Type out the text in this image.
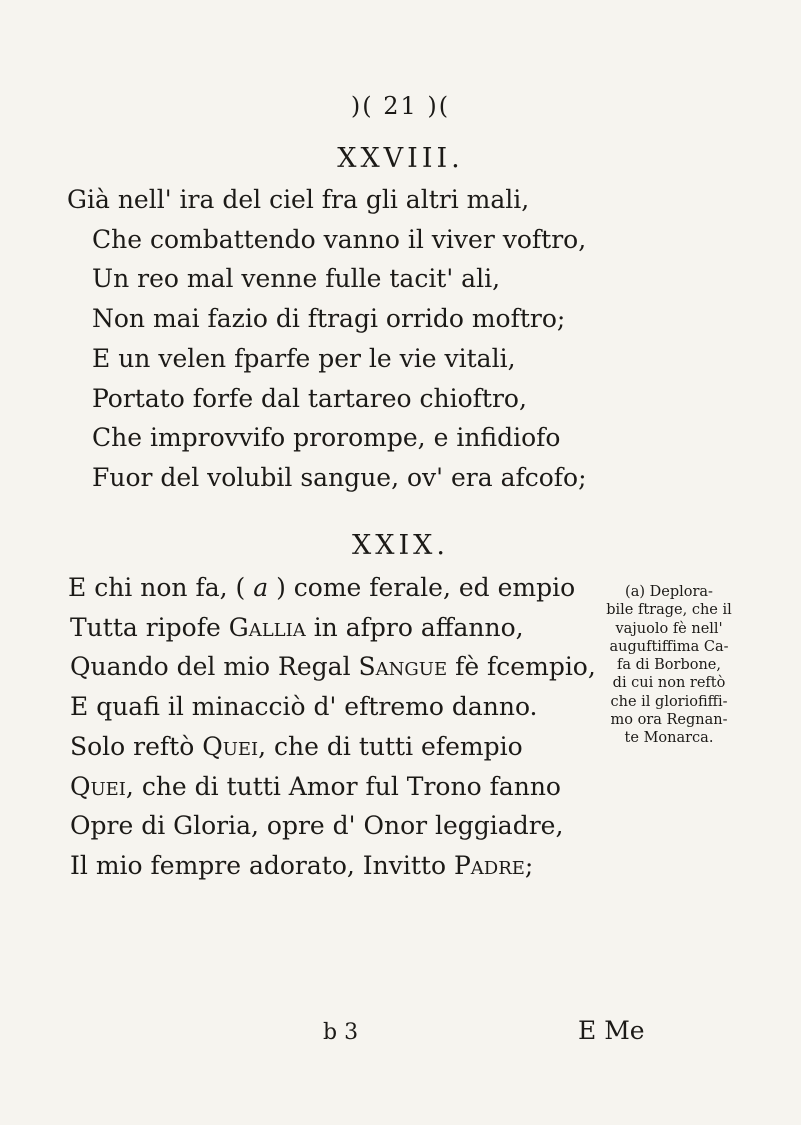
)( 21 )(
XXVIII.
Già nell' ira del ciel fra gli altri mali,
Che combattendo vanno il viver voftro,
Un reo mal venne fulle tacit' ali,
Non mai fazio di ftragi orrido moftro;
E un velen fparfe per le vie vitali,
Portato forfe dal tartareo chioftro,
Che improvvifo prorompe, e infidiofo
Fuor del volubil sangue, ov' era afcofo;
XXIX.
E chi non fa, ( a ) come ferale, ed empio
Tutta ripofe Gallia in afpro affanno,
Quando del mio Regal Sangue fè fcempio,
E quafi il minacciò d' eftremo danno.
Solo reftò Quei, che di tutti efempio
Quei, che di tutti Amor ful Trono fanno
Opre di Gloria, opre d' Onor leggiadre,
Il mio fempre adorato, Invitto Padre;

(a) Deplora-

bile ftrage, che il

vajuolo fè nell'

auguftiffima Ca-

fa di Borbone,

di cui non reftò

che il gloriofiffi-

mo ora Regnan-

te Monarca.

b 3	E Me
